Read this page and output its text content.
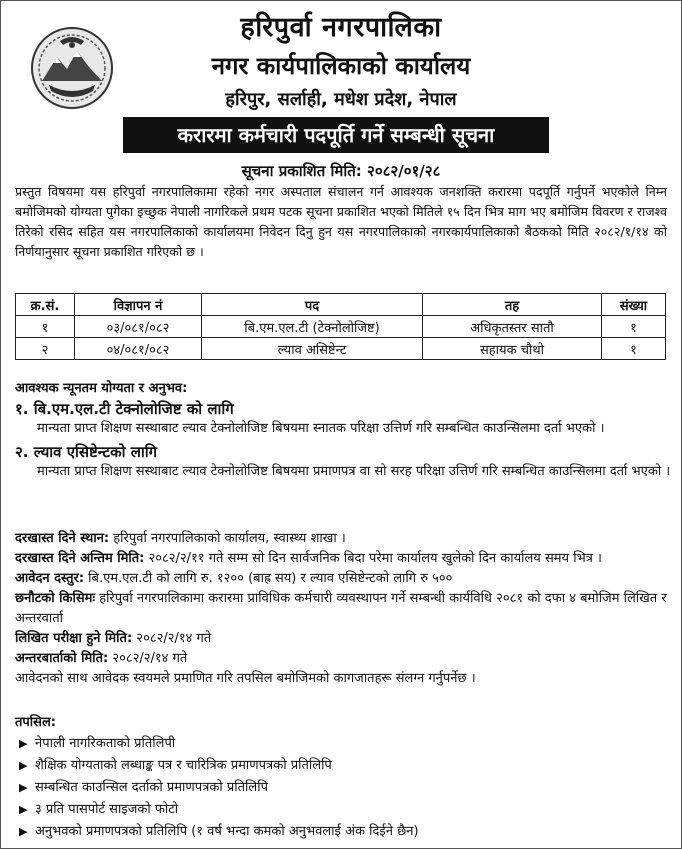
हरिपुर्वा नगरपालिका
नगर कार्यपालिकाको कार्यालय
हरिपुर, सर्लाही, मधेश प्रदेश, नेपाल
करारमा कर्मचारी पदपूर्ति गर्ने सम्बन्धी सूचना
सूचना प्रकाशित मिति: २०८२/०१/२८
प्रस्तुत विषयमा यस हरिपुर्वा नगरपालिकामा रहेको नगर अस्पताल संचालन गर्न आवश्यक जनशक्ति करारमा पदपूर्ति गर्नुपर्ने भएकोले निम्न बमोजिमको योग्यता पुगेका इच्छुक नेपाली नागरिकले प्रथम पटक सूचना प्रकाशित भएको मितिले १५ दिन भित्र माग भए बमोजिम विवरण र राजश्व तिरेको रसिद सहित यस नगरपालिकाको कार्यालयमा निवेदन दिनु हुन यस नगरपालिकाको नगरकार्यपालिकाको बैठकको मिति २०८२/१/१४ को निर्णयानुसार सूचना प्रकाशित गरिएको छ ।
क्र.सं.	विज्ञापन नं	पद	तह	संख्या
१	०३/०८१/०८२	बि.एम.एल.टी (टेक्नोलोजिष्ट)	अधिकृतस्तर सातौ	१
२	०४/०८१/०८२	ल्याव असिष्टेन्ट	सहायक चौथो	१
आवश्यक न्यूनतम योग्यता र अनुभव:
१. बि.एम.एल.टी टेक्नोलोजिष्ट को लागि
मान्यता प्राप्त शिक्षण सस्थाबाट ल्याव टेक्नोलोजिष्ट बिषयमा स्नातक परिक्षा उत्तिर्ण गरि सम्बन्धित काउन्सिलमा दर्ता भएको ।
२. ल्याव एसिष्टेन्टको लागि
मान्यता प्राप्त शिक्षण सस्थाबाट ल्याव टेक्नोलोजिष्ट बिषयमा प्रमाणपत्र वा सो सरह परिक्षा उत्तिर्ण गरि सम्बन्धित काउन्सिलमा दर्ता भएको ।
दरखास्त दिने स्थान: हरिपुर्वा नगरपालिकाको कार्यालय, स्वास्थ्य शाखा ।
दरखास्त दिने अन्तिम मिति: २०८२/२/११ गते सम्म सो दिन सार्वजनिक बिदा परेमा कार्यालय खुलेको दिन कार्यालय समय भित्र ।
आवेदन दस्तुर: बि.एम.एल.टी को लागि रु. १२०० (बाह्र सय) र ल्याव एसिष्टेन्टको लागि रु ५००
छनौटको किसिमः हरिपुर्वा नगरपालिकामा करारमा प्राविधिक कर्मचारी व्यवस्थापन गर्ने सम्बन्धी कार्यविधि २०८१ को दफा ४ बमोजिम लिखित र अन्तरवार्ता
लिखित परीक्षा हुने मिति: २०८२/२/१४ गते
अन्तरबार्ताको मिति: २०८२/२/१४ गते
आवेदनको साथ आवेदक स्वयमले प्रमाणित गरि तपसिल बमोजिमको कागजातहरू संलग्न गर्नुपर्नेछ ।
तपसिल:
▶ नेपाली नागरिकताको प्रतिलिपी
▶ शैक्षिक योग्यताको लब्धाङ्क पत्र र चारित्रिक प्रमाणपत्रको प्रतिलिपि
▶ सम्बन्धित काउन्सिल दर्ताको प्रमाणपत्रको प्रतिलिपि
▶ ३ प्रति पासपोर्ट साइजको फोटो
▶ अनुभवको प्रमाणपत्रको प्रतिलिपि (१ वर्ष भन्दा कमको अनुभवलाई अंक दिईने छैन)
